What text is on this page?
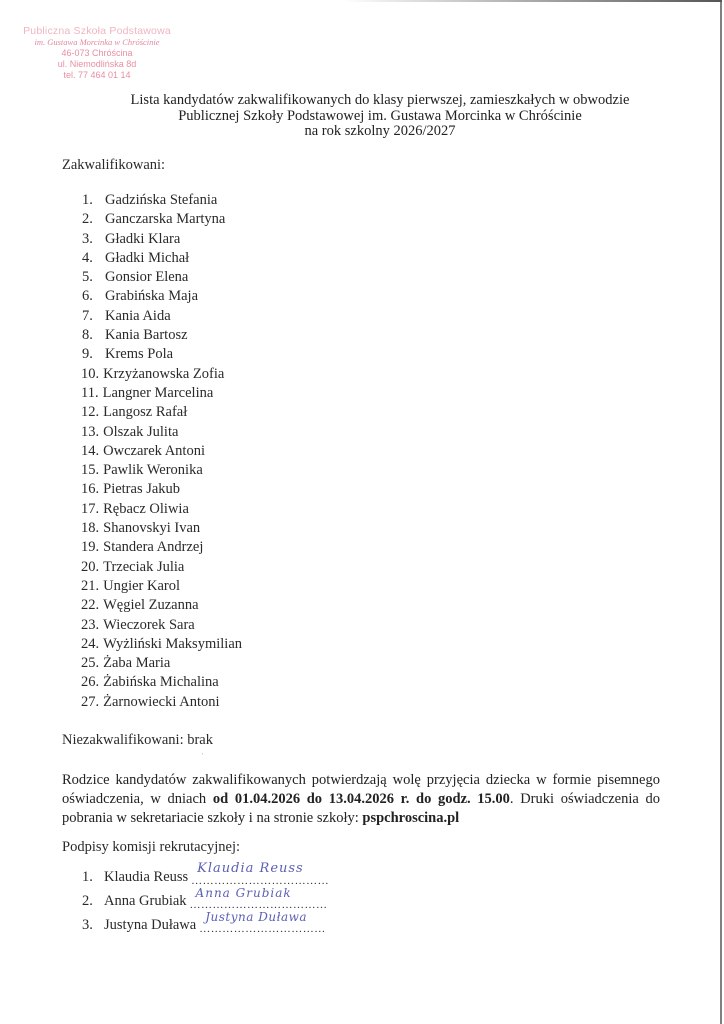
Publiczna Szkoła Podstawowa
im. Gustawa Morcinka w Chróścinie
46-073 Chróścina
ul. Niemodlińska 8d
tel. 77 464 01 14
Lista kandydatów zakwalifikowanych do klasy pierwszej, zamieszkałych w obwodzie
Publicznej Szkoły Podstawowej im. Gustawa Morcinka w Chróścinie
na rok szkolny 2026/2027
Zakwalifikowani:
1. Gadzińska Stefania
2. Ganczarska Martyna
3. Gładki Klara
4. Gładki Michał
5. Gonsior Elena
6. Grabińska Maja
7. Kania Aida
8. Kania Bartosz
9. Krems Pola
10. Krzyżanowska Zofia
11. Langner Marcelina
12. Langosz Rafał
13. Olszak Julita
14. Owczarek Antoni
15. Pawlik Weronika
16. Pietras Jakub
17. Rębacz Oliwia
18. Shanovskyi Ivan
19. Standera Andrzej
20. Trzeciak Julia
21. Ungier Karol
22. Węgiel Zuzanna
23. Wieczorek Sara
24. Wyżliński Maksymilian
25. Żaba Maria
26. Żabińska Michalina
27. Żarnowiecki Antoni
Niezakwalifikowani: brak
ˈ
Rodzice kandydatów zakwalifikowanych potwierdzają wolę przyjęcia dziecka w formie pisemnego oświadczenia, w dniach od 01.04.2026 do 13.04.2026 r. do godz. 15.00. Druki oświadczenia do pobrania w sekretariacie szkoły i na stronie szkoły: pspchroscina.pl
Podpisy komisji rekrutacyjnej:
1. Klaudia Reuss
Klaudia Reuss
………………………………
2. Anna Grubiak Anna Grubiak
………………………………
3. Justyna Duława Justyna Duława
……………………………
